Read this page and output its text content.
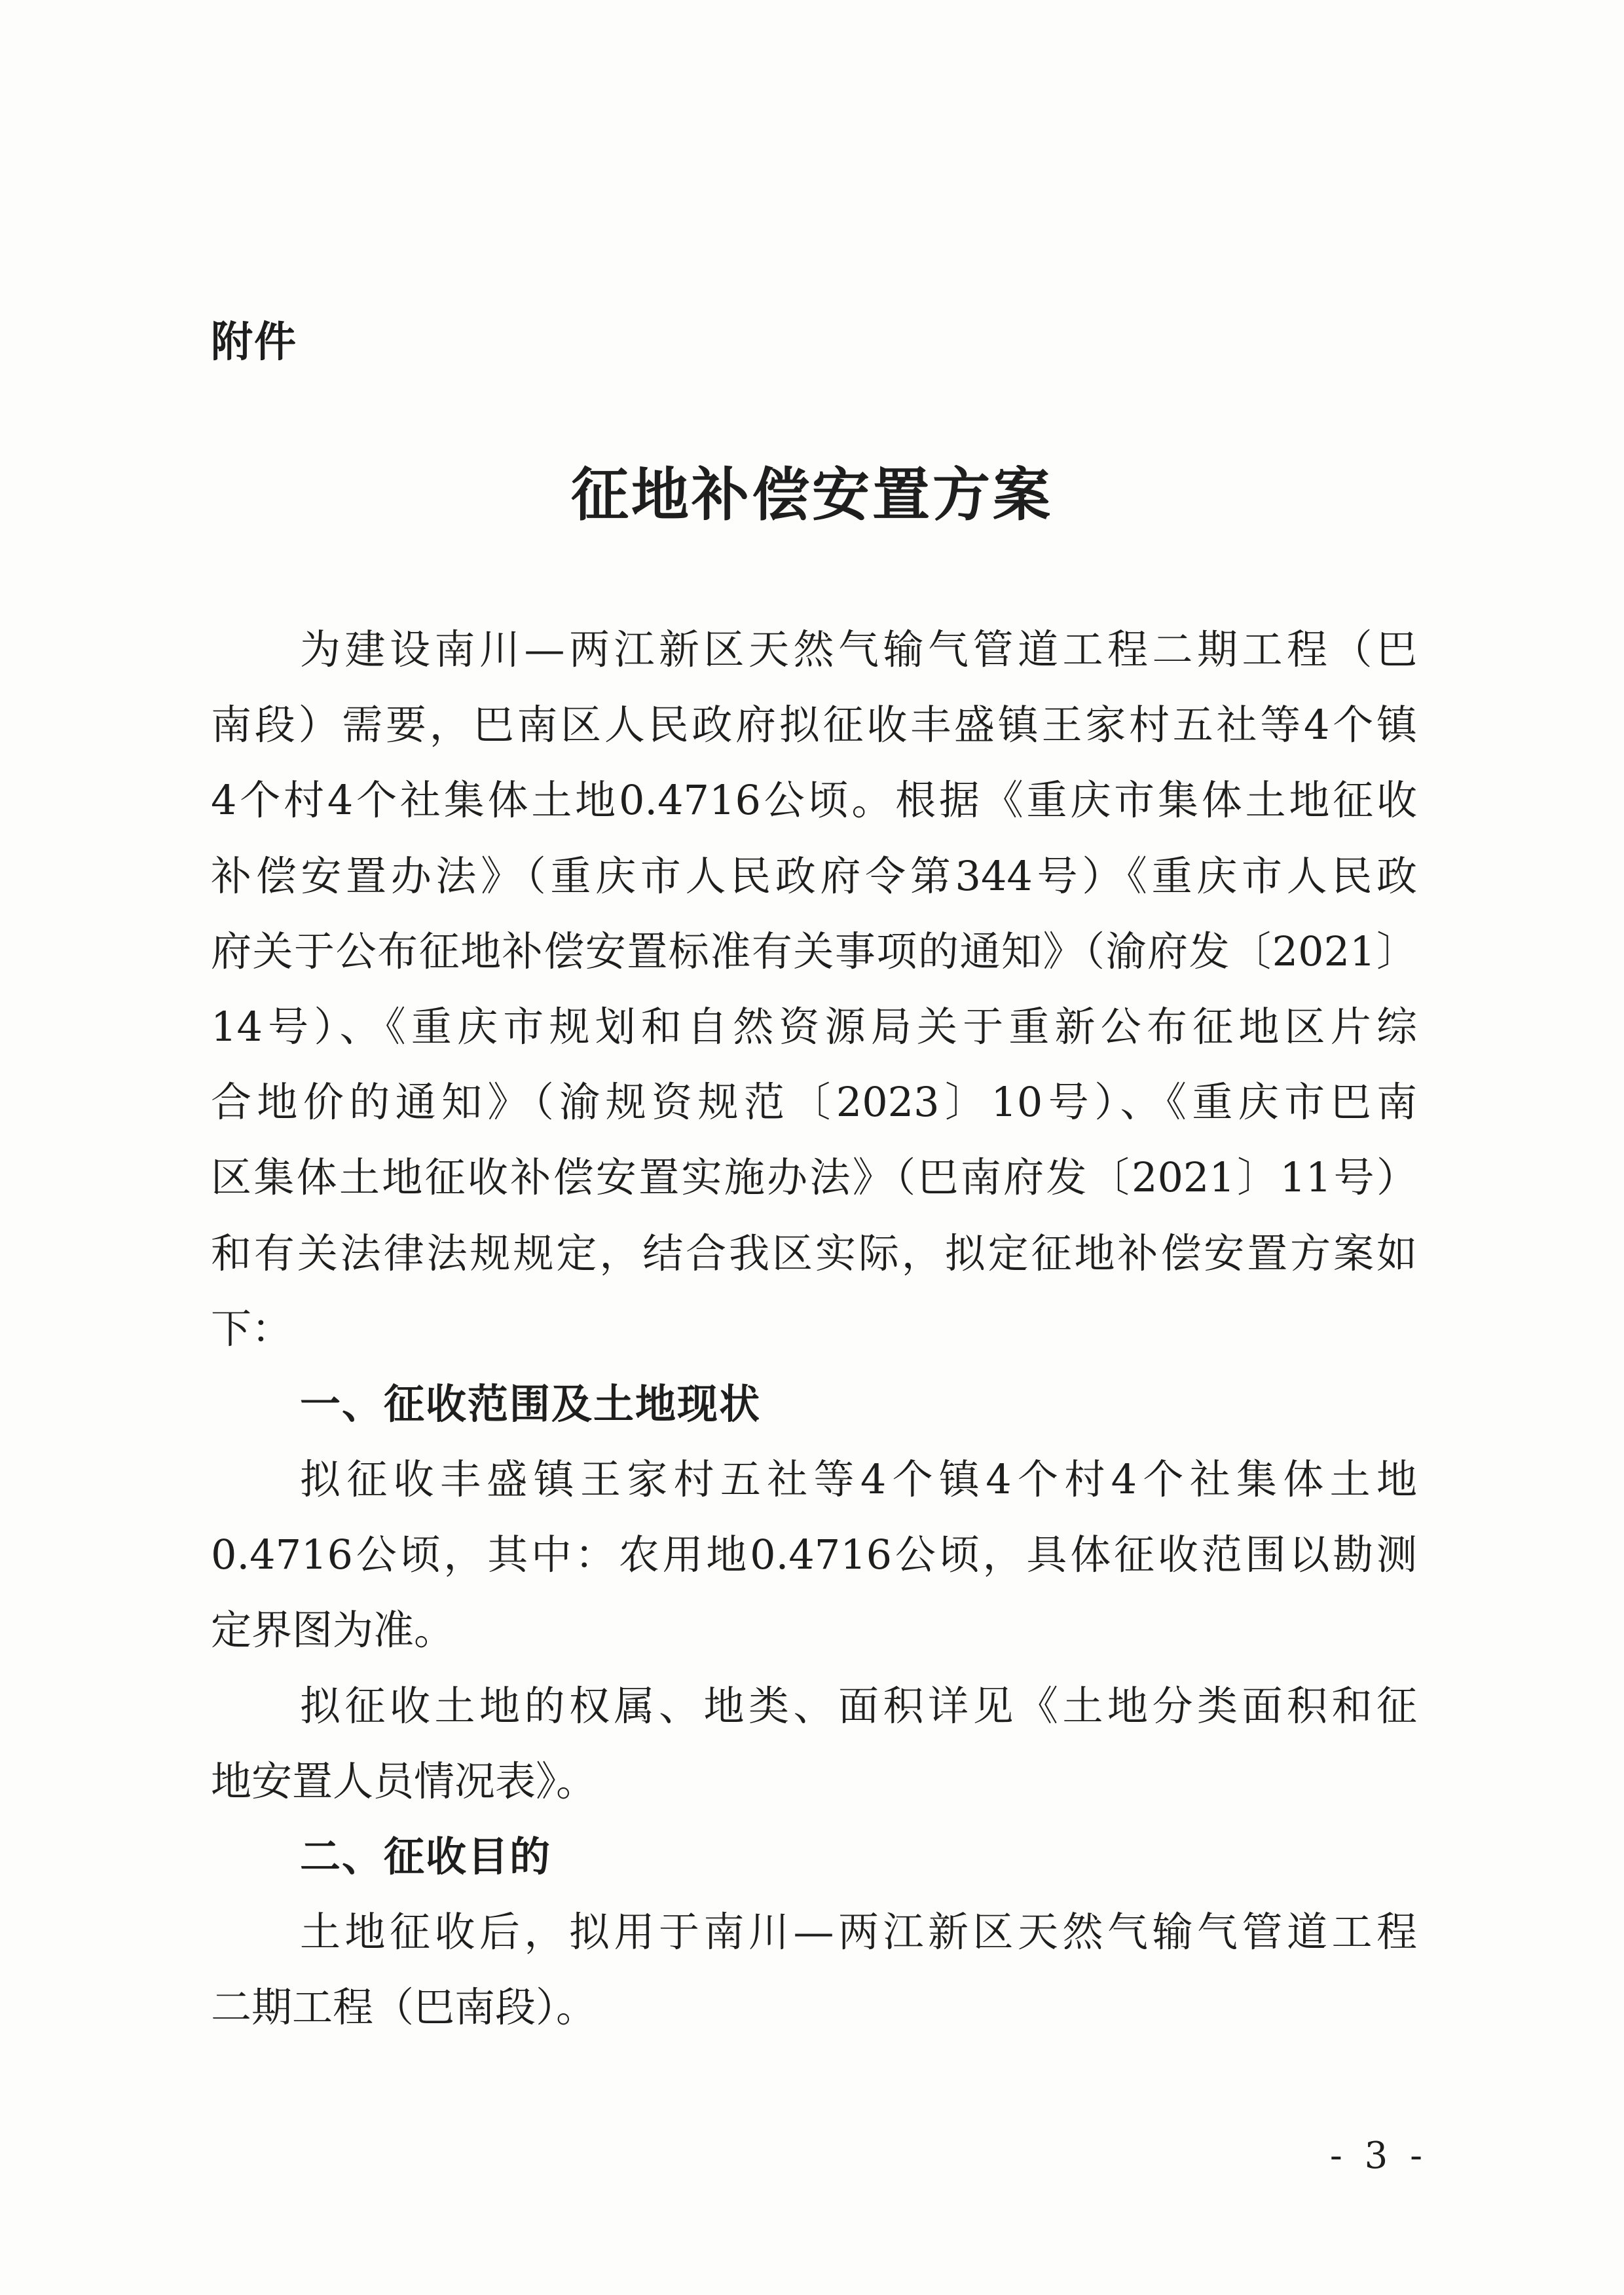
附件
征地补偿安置方案
为建设南川—两江新区天然气输气管道工程二期工程（巴
南段）需要，巴南区人民政府拟征收丰盛镇王家村五社等4个镇
4个村4个社集体土地0.4716公顷。根据《重庆市集体土地征收
补偿安置办法》（重庆市人民政府令第344号）《重庆市人民政
府关于公布征地补偿安置标准有关事项的通知》（渝府发〔2021〕
14号）、《重庆市规划和自然资源局关于重新公布征地区片综
合地价的通知》（渝规资规范〔2023〕10号）、《重庆市巴南
区集体土地征收补偿安置实施办法》（巴南府发〔2021〕11号）
和有关法律法规规定，结合我区实际，拟定征地补偿安置方案如
下：
一、征收范围及土地现状
拟征收丰盛镇王家村五社等4个镇4个村4个社集体土地
0.4716公顷，其中：农用地0.4716公顷，具体征收范围以勘测
定界图为准。
拟征收土地的权属、地类、面积详见《土地分类面积和征
地安置人员情况表》。
二、征收目的
土地征收后，拟用于南川—两江新区天然气输气管道工程
二期工程（巴南段）。
- 3 -
